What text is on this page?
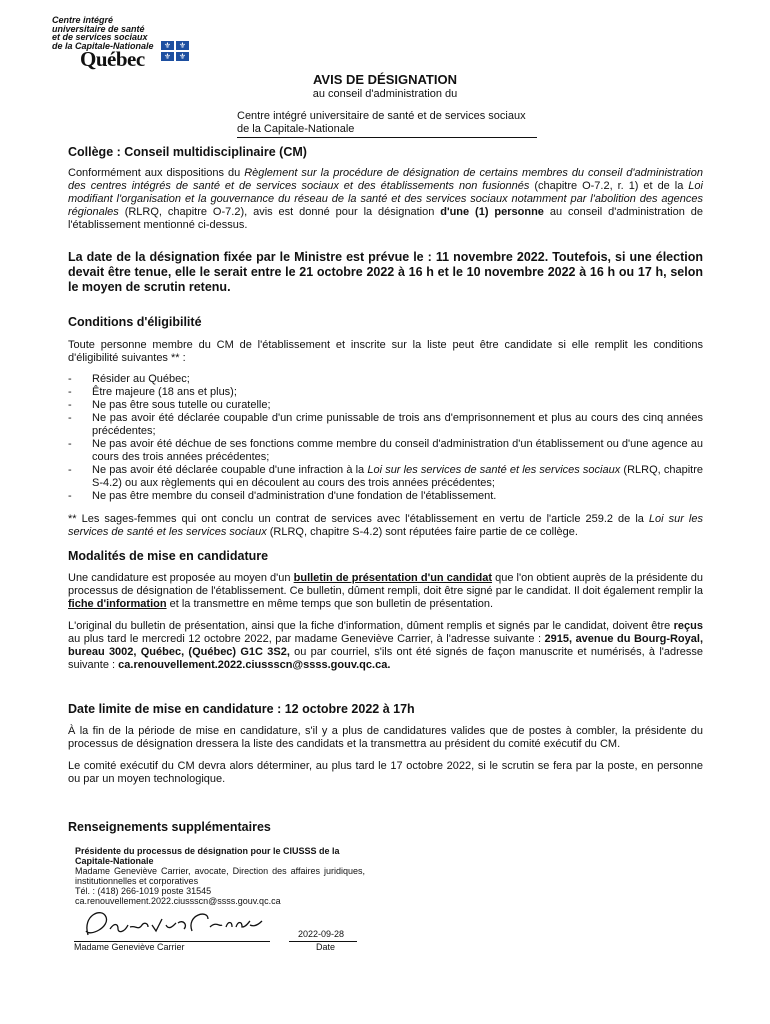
Centre intégré
universitaire de santé
et de services sociaux
de la Capitale-Nationale
Québec
⚜ ⚜
⚜ ⚜
AVIS DE DÉSIGNATION
au conseil d'administration du
Centre intégré universitaire de santé et de services sociaux de la Capitale-Nationale
Collège : Conseil multidisciplinaire (CM)
Conformément aux dispositions du Règlement sur la procédure de désignation de certains membres du conseil d'administration des centres intégrés de santé et de services sociaux et des établissements non fusionnés (chapitre O-7.2, r. 1) et de la Loi modifiant l'organisation et la gouvernance du réseau de la santé et des services sociaux notamment par l'abolition des agences régionales (RLRQ, chapitre O-7.2), avis est donné pour la désignation d'une (1) personne au conseil d'administration de l'établissement mentionné ci-dessus.
La date de la désignation fixée par le Ministre est prévue le : 11 novembre 2022. Toutefois, si une élection devait être tenue, elle le serait entre le 21 octobre 2022 à 16 h et le 10 novembre 2022 à 16 h ou 17 h, selon le moyen de scrutin retenu.
Conditions d'éligibilité
Toute personne membre du CM de l'établissement et inscrite sur la liste peut être candidate si elle remplit les conditions d'éligibilité suivantes ** :
- Résider au Québec;
- Être majeure (18 ans et plus);
- Ne pas être sous tutelle ou curatelle;
- Ne pas avoir été déclarée coupable d'un crime punissable de trois ans d'emprisonnement et plus au cours des cinq années précédentes;
- Ne pas avoir été déchue de ses fonctions comme membre du conseil d'administration d'un établissement ou d'une agence au cours des trois années précédentes;
- Ne pas avoir été déclarée coupable d'une infraction à la Loi sur les services de santé et les services sociaux (RLRQ, chapitre S-4.2) ou aux règlements qui en découlent au cours des trois années précédentes;
- Ne pas être membre du conseil d'administration d'une fondation de l'établissement.
** Les sages-femmes qui ont conclu un contrat de services avec l'établissement en vertu de l'article 259.2 de la Loi sur les services de santé et les services sociaux (RLRQ, chapitre S-4.2) sont réputées faire partie de ce collège.
Modalités de mise en candidature
Une candidature est proposée au moyen d'un bulletin de présentation d'un candidat que l'on obtient auprès de la présidente du processus de désignation de l'établissement. Ce bulletin, dûment rempli, doit être signé par le candidat. Il doit également remplir la fiche d'information et la transmettre en même temps que son bulletin de présentation.
L'original du bulletin de présentation, ainsi que la fiche d'information, dûment remplis et signés par le candidat, doivent être reçus au plus tard le mercredi 12 octobre 2022, par madame Geneviève Carrier, à l'adresse suivante : 2915, avenue du Bourg-Royal, bureau 3002, Québec, (Québec) G1C 3S2, ou par courriel, s'ils ont été signés de façon manuscrite et numérisés, à l'adresse suivante : ca.renouvellement.2022.ciussscn@ssss.gouv.qc.ca.
Date limite de mise en candidature : 12 octobre 2022 à 17h
À la fin de la période de mise en candidature, s'il y a plus de candidatures valides que de postes à combler, la présidente du processus de désignation dressera la liste des candidats et la transmettra au président du comité exécutif du CM.
Le comité exécutif du CM devra alors déterminer, au plus tard le 17 octobre 2022, si le scrutin se fera par la poste, en personne ou par un moyen technologique.
Renseignements supplémentaires
Présidente du processus de désignation pour le CIUSSS de la Capitale-Nationale
Madame Geneviève Carrier, avocate, Direction des affaires juridiques, institutionnelles et corporatives
Tél. : (418) 266-1019 poste 31545
ca.renouvellement.2022.ciussscn@ssss.gouv.qc.ca
Madame Geneviève Carrier
2022-09-28
Date
